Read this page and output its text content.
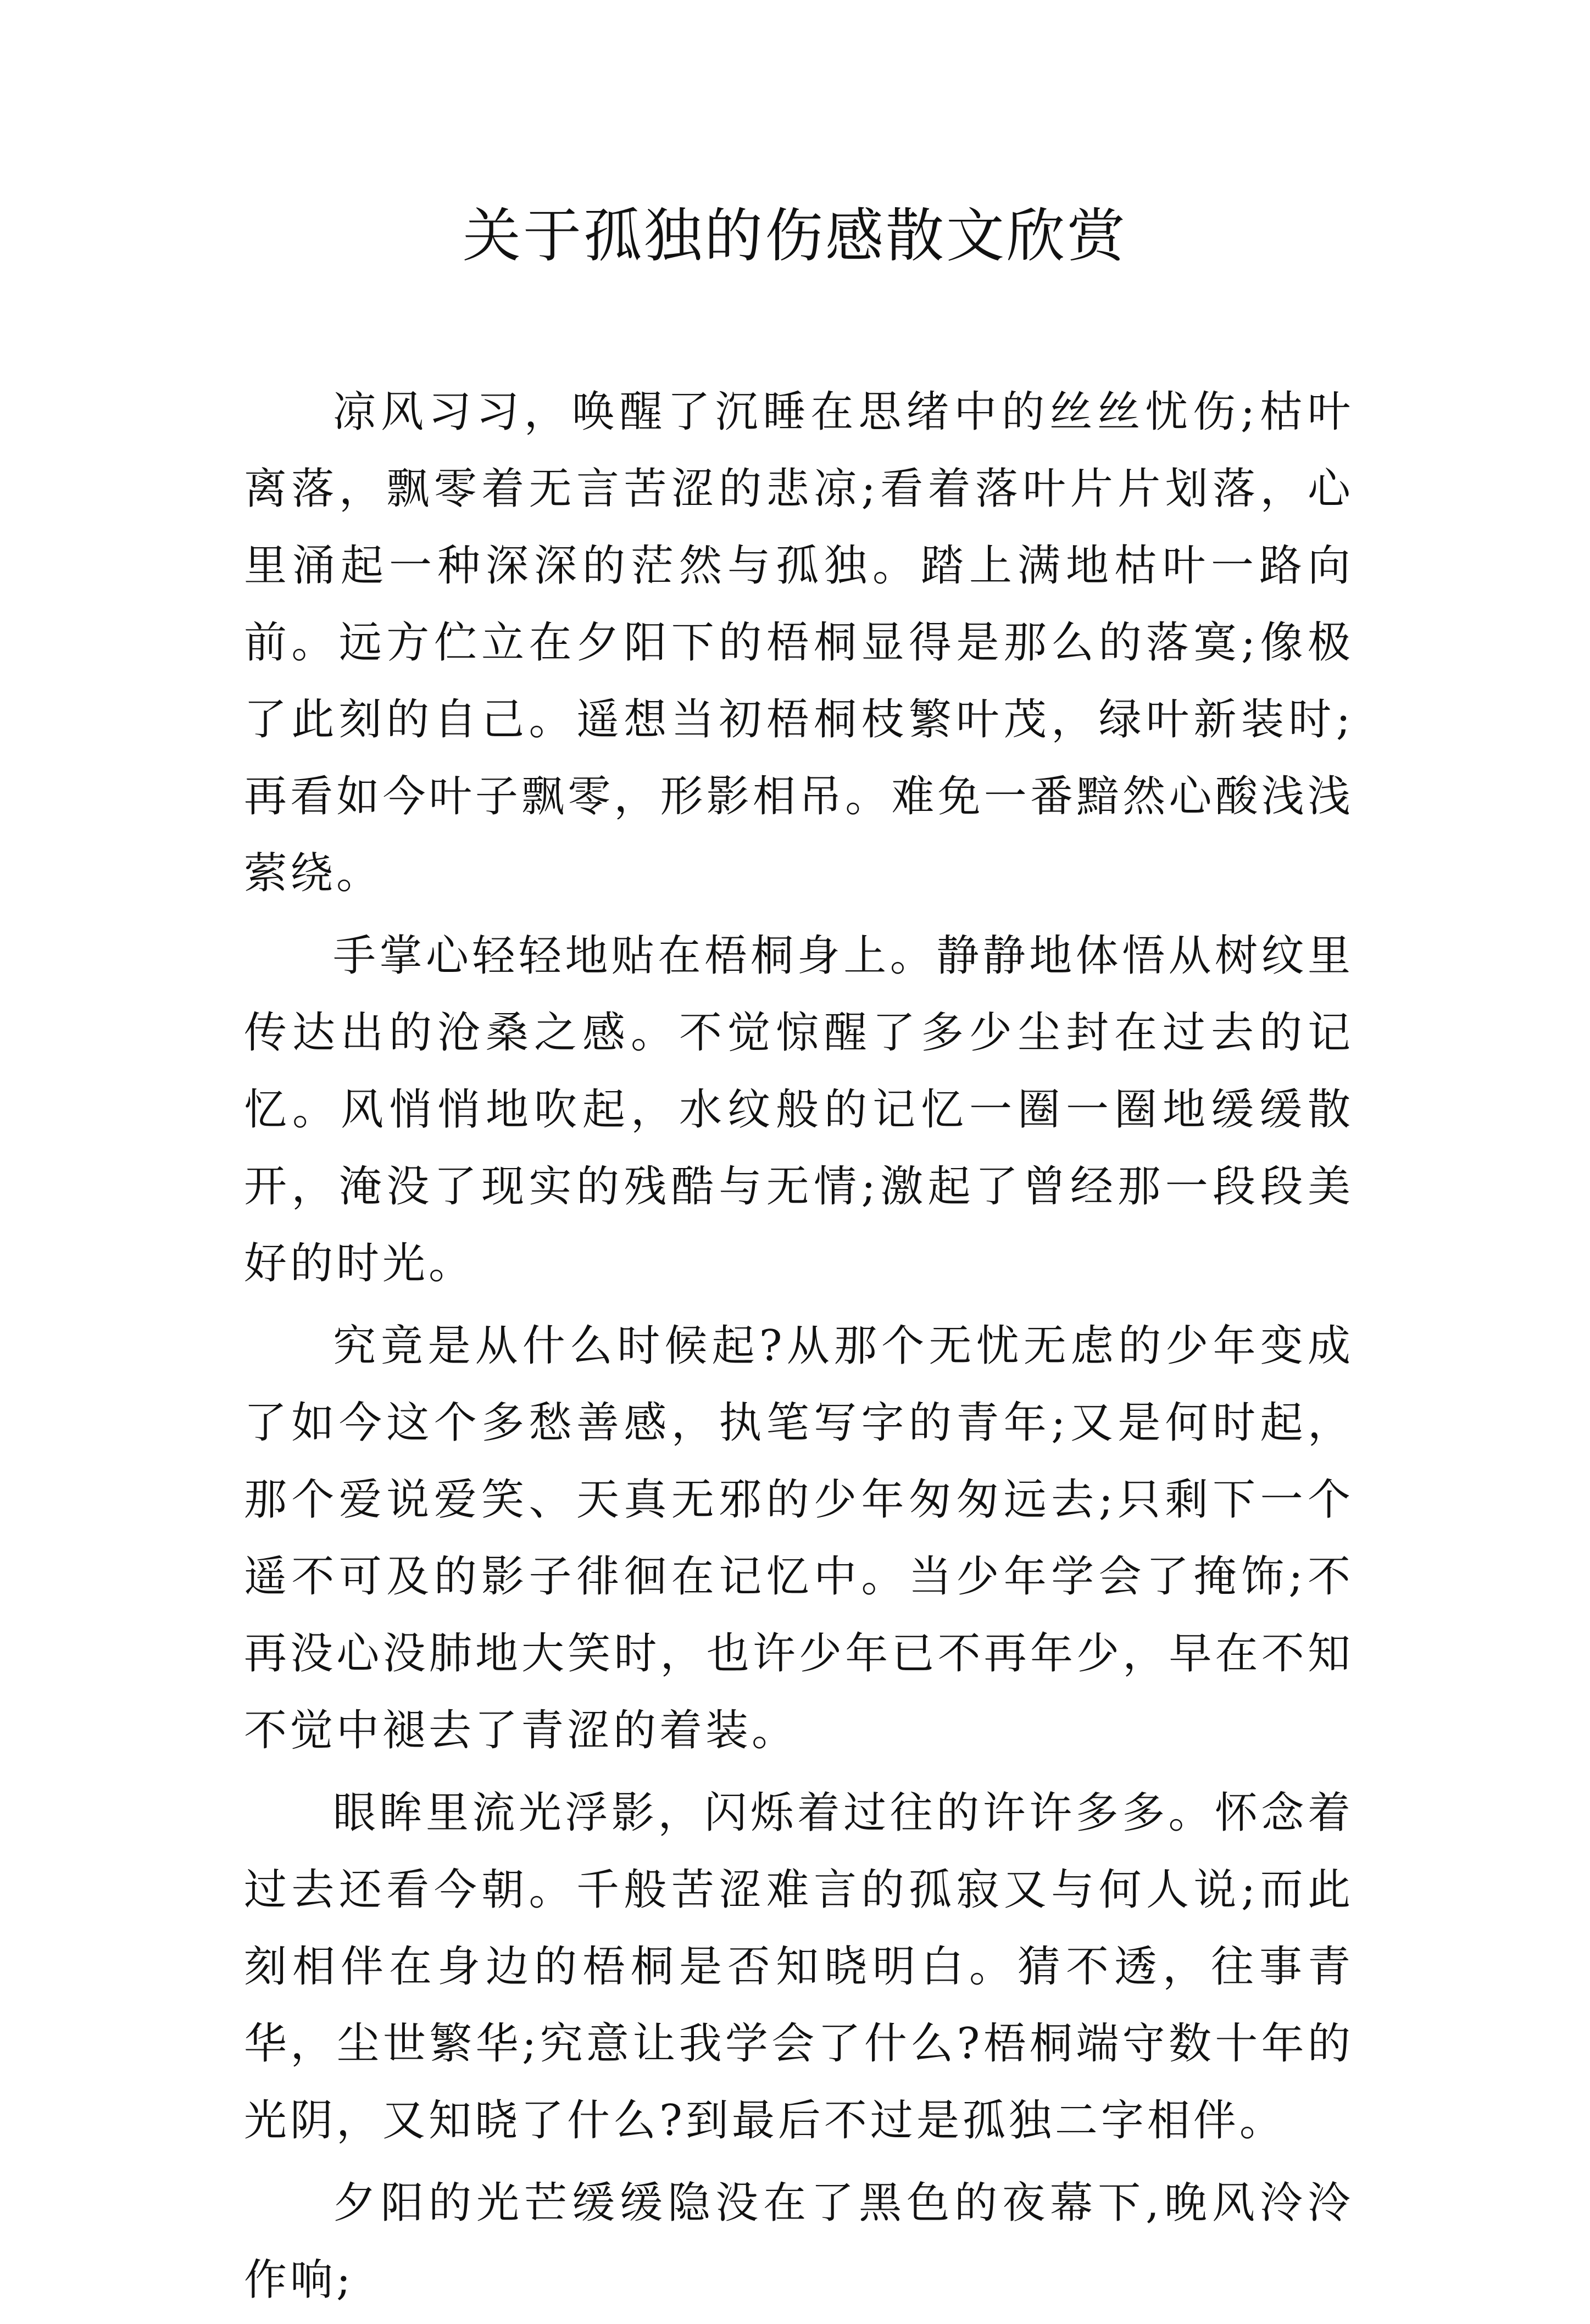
关于孤独的伤感散文欣赏

凉风习习，唤醒了沉睡在思绪中的丝丝忧伤;枯叶离落，飘零着无言苦涩的悲凉;看着落叶片片划落，心里涌起一种深深的茫然与孤独。踏上满地枯叶一路向前。远方伫立在夕阳下的梧桐显得是那么的落寞;像极了此刻的自己。遥想当初梧桐枝繁叶茂，绿叶新装时;再看如今叶子飘零，形影相吊。难免一番黯然心酸浅浅萦绕。

手掌心轻轻地贴在梧桐身上。静静地体悟从树纹里传达出的沧桑之感。不觉惊醒了多少尘封在过去的记忆。风悄悄地吹起，水纹般的记忆一圈一圈地缓缓散开，淹没了现实的残酷与无情;激起了曾经那一段段美好的时光。

究竟是从什么时候起?从那个无忧无虑的少年变成了如今这个多愁善感，执笔写字的青年;又是何时起，那个爱说爱笑、天真无邪的少年匆匆远去;只剩下一个遥不可及的影子徘徊在记忆中。当少年学会了掩饰;不再没心没肺地大笑时，也许少年已不再年少，早在不知不觉中褪去了青涩的着装。

眼眸里流光浮影，闪烁着过往的许许多多。怀念着过去还看今朝。千般苦涩难言的孤寂又与何人说;而此刻相伴在身边的梧桐是否知晓明白。猜不透，往事青华，尘世繁华;究意让我学会了什么?梧桐端守数十年的光阴，又知晓了什么?到最后不过是孤独二字相伴。

夕阳的光芒缓缓隐没在了黑色的夜幕下,晚风泠泠作响;
